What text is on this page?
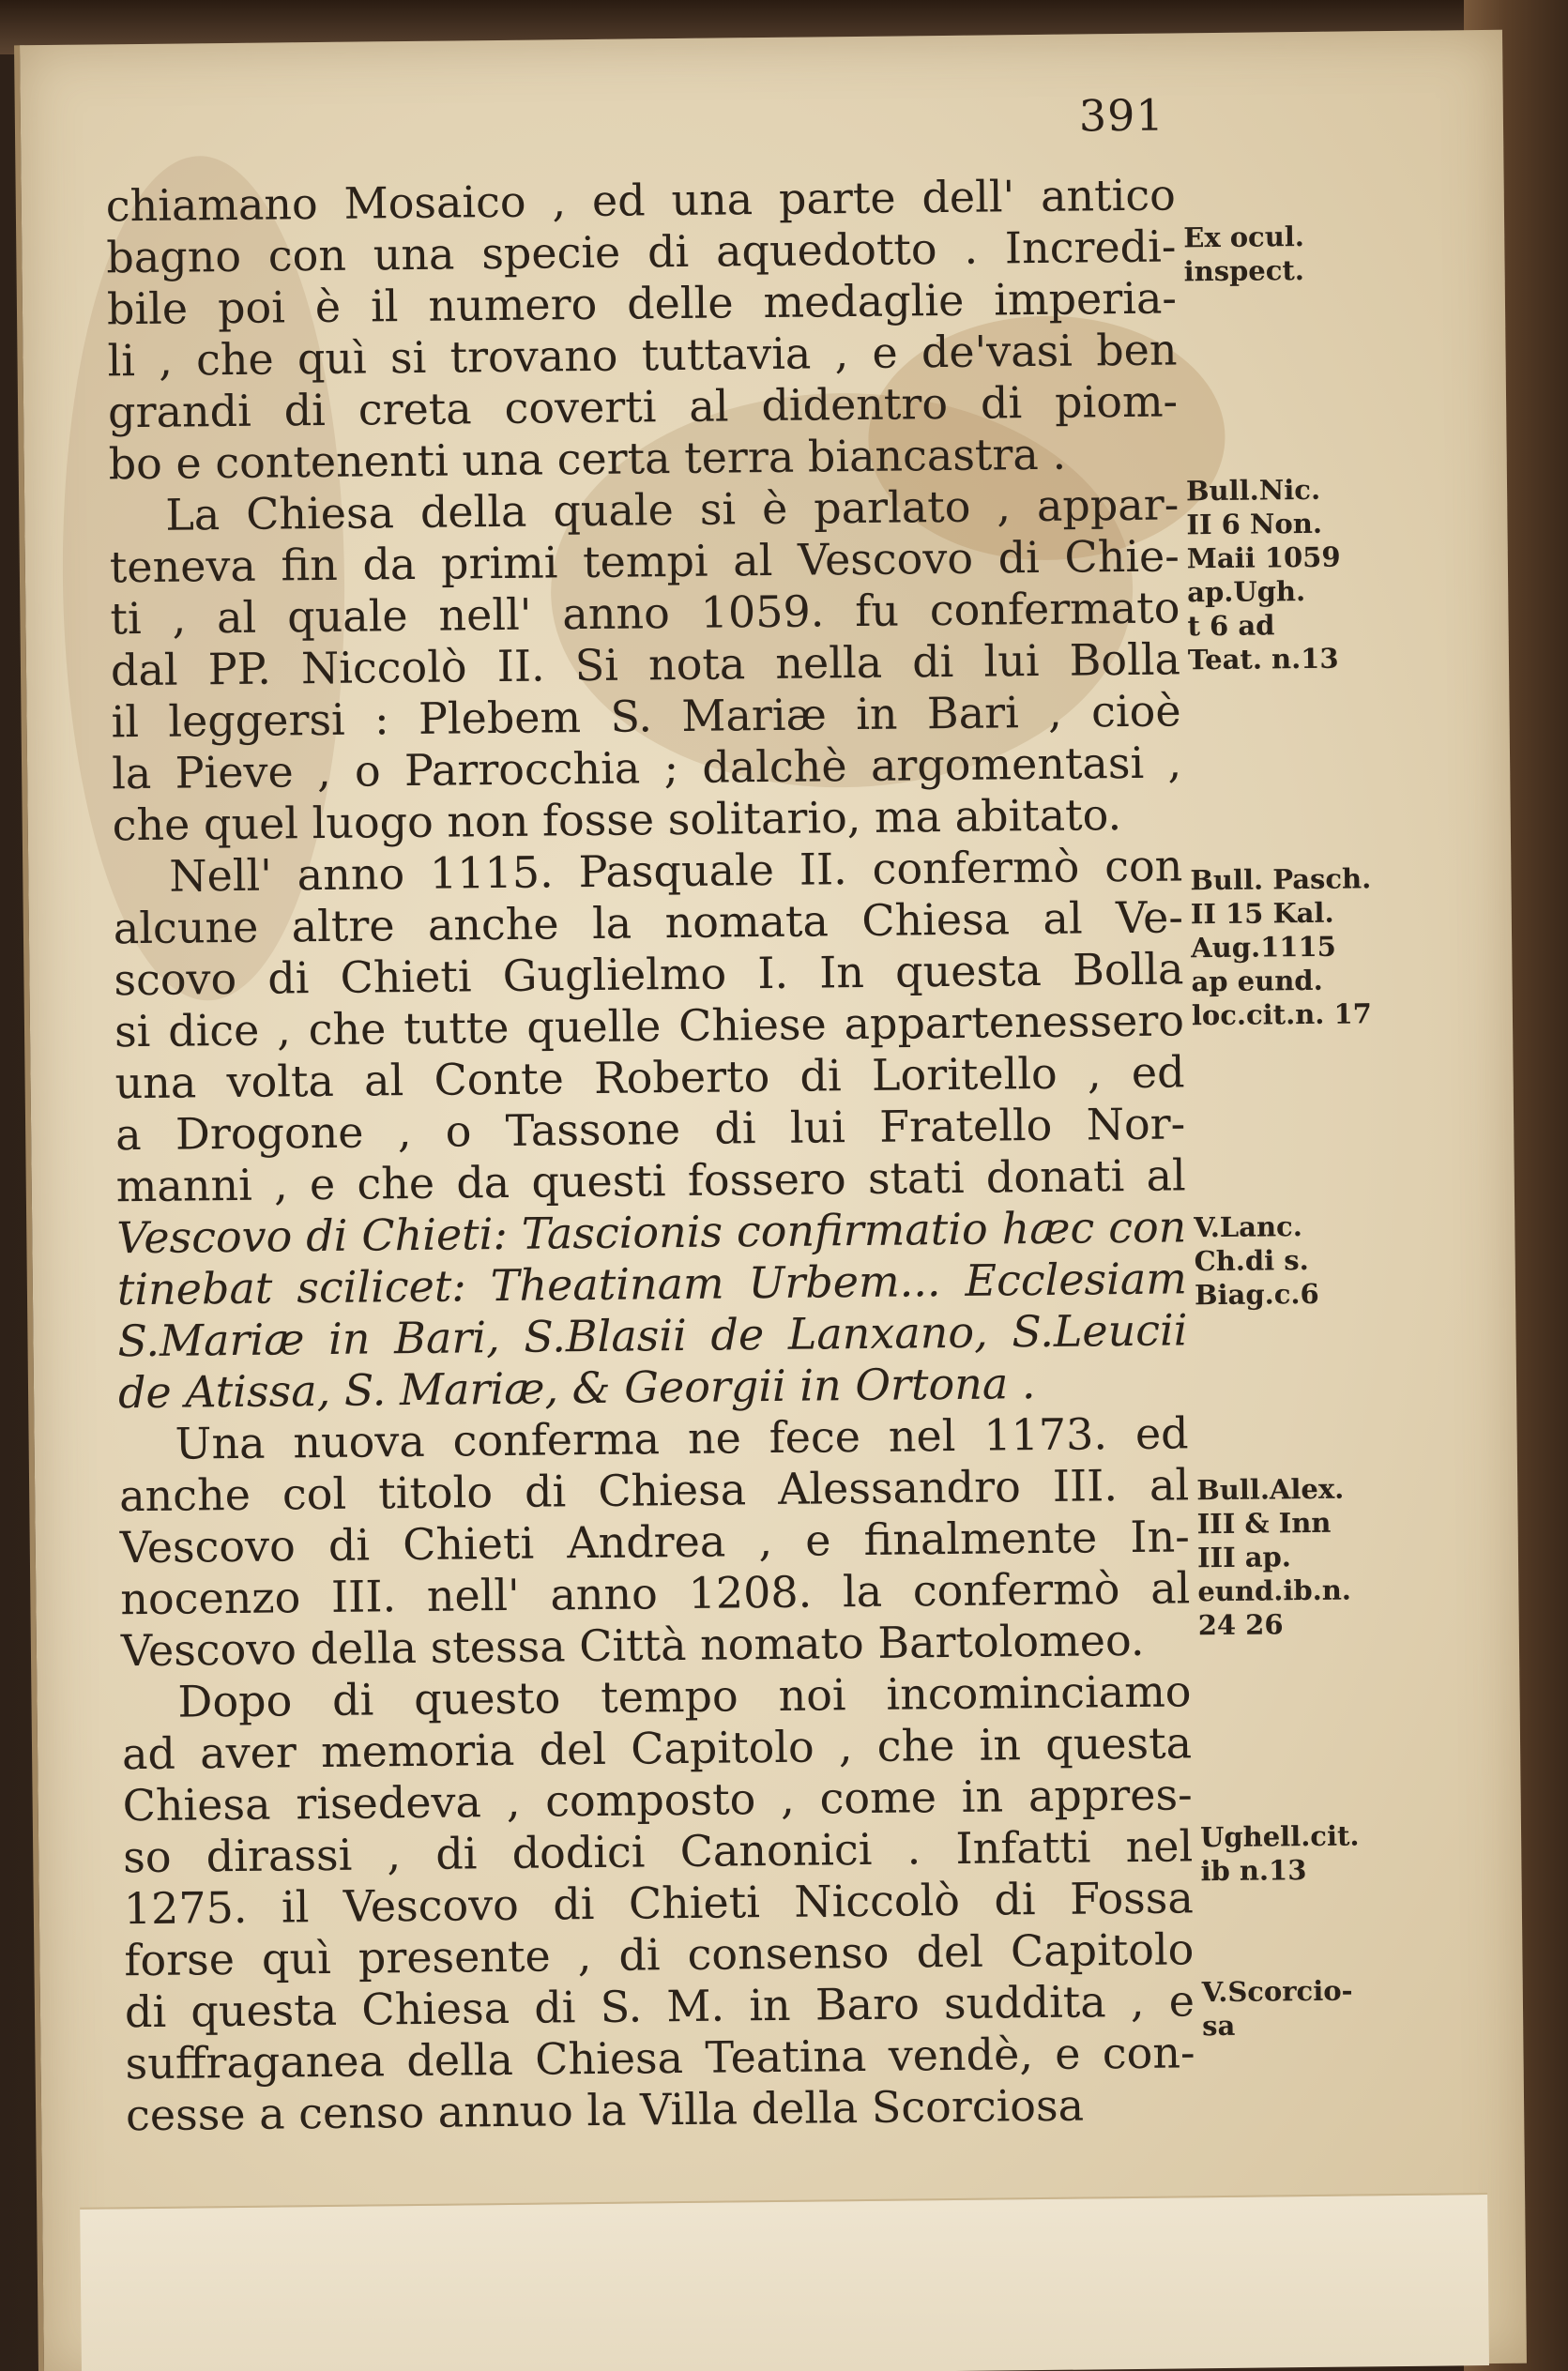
391
chiamano Mosaico , ed una parte dell' antico
bagno con una specie di aquedotto . Incredi-
bile poi è il numero delle medaglie imperia-
li , che quì si trovano tuttavia , e de'vasi ben
grandi di creta coverti al didentro di piom-
bo e contenenti una certa terra biancastra .
La Chiesa della quale si è parlato , appar-
teneva fin da primi tempi al Vescovo di Chie-
ti , al quale nell' anno 1059. fu confermato
dal PP. Niccolò II. Si nota nella di lui Bolla
il leggersi : Plebem S. Mariæ in Bari , cioè
la Pieve , o Parrocchia ; dalchè argomentasi ,
che quel luogo non fosse solitario, ma abitato.
Nell' anno 1115. Pasquale II. confermò con
alcune altre anche la nomata Chiesa al Ve-
scovo di Chieti Guglielmo I. In questa Bolla
si dice , che tutte quelle Chiese appartenessero
una volta al Conte Roberto di Loritello , ed
a Drogone , o Tassone di lui Fratello Nor-
manni , e che da questi fossero stati donati al
Vescovo di Chieti: Tascionis confirmatio hæc con
tinebat scilicet: Theatinam Urbem... Ecclesiam
S.Mariæ in Bari, S.Blasii de Lanxano, S.Leucii
de Atissa, S. Mariæ, & Georgii in Ortona .
Una nuova conferma ne fece nel 1173. ed
anche col titolo di Chiesa Alessandro III. al
Vescovo di Chieti Andrea , e finalmente In-
nocenzo III. nell' anno 1208. la confermò al
Vescovo della stessa Città nomato Bartolomeo.
Dopo di questo tempo noi incominciamo
ad aver memoria del Capitolo , che in questa
Chiesa risedeva , composto , come in appres-
so dirassi , di dodici Canonici . Infatti nel
1275. il Vescovo di Chieti Niccolò di Fossa
forse quì presente , di consenso del Capitolo
di questa Chiesa di S. M. in Baro suddita , e
suffraganea della Chiesa Teatina vendè, e con-
cesse a censo annuo la Villa della Scorciosa
Ex ocul.
inspect.
Bull.Nic.
II 6 Non.
Maii 1059
ap.Ugh.
t 6 ad
Teat. n.13
Bull. Pasch.
II 15 Kal.
Aug.1115
ap eund.
loc.cit.n. 17
V.Lanc.
Ch.di s.
Biag.c.6
Bull.Alex.
III & Inn
III ap.
eund.ib.n.
24 26
Ughell.cit.
ib n.13
V.Scorcio-
sa
